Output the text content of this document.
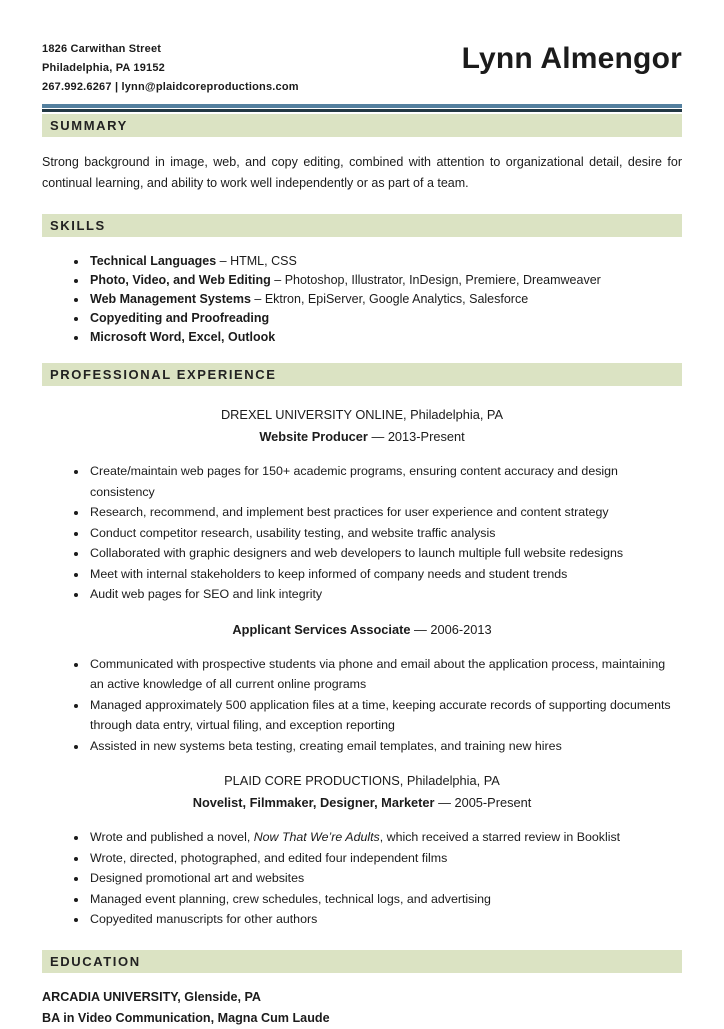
1826 Carwithan Street
Philadelphia, PA 19152
267.992.6267 | lynn@plaidcoreproductions.com
Lynn Almengor
SUMMARY
Strong background in image, web, and copy editing, combined with attention to organizational detail, desire for continual learning, and ability to work well independently or as part of a team.
SKILLS
• Technical Languages – HTML, CSS
• Photo, Video, and Web Editing – Photoshop, Illustrator, InDesign, Premiere, Dreamweaver
• Web Management Systems – Ektron, EpiServer, Google Analytics, Salesforce
• Copyediting and Proofreading
• Microsoft Word, Excel, Outlook
PROFESSIONAL EXPERIENCE
DREXEL UNIVERSITY ONLINE, Philadelphia, PA
Website Producer — 2013-Present
• Create/maintain web pages for 150+ academic programs, ensuring content accuracy and design consistency
• Research, recommend, and implement best practices for user experience and content strategy
• Conduct competitor research, usability testing, and website traffic analysis
• Collaborated with graphic designers and web developers to launch multiple full website redesigns
• Meet with internal stakeholders to keep informed of company needs and student trends
• Audit web pages for SEO and link integrity
Applicant Services Associate — 2006-2013
• Communicated with prospective students via phone and email about the application process, maintaining an active knowledge of all current online programs
• Managed approximately 500 application files at a time, keeping accurate records of supporting documents through data entry, virtual filing, and exception reporting
• Assisted in new systems beta testing, creating email templates, and training new hires
PLAID CORE PRODUCTIONS, Philadelphia, PA
Novelist, Filmmaker, Designer, Marketer — 2005-Present
• Wrote and published a novel, Now That We’re Adults, which received a starred review in Booklist
• Wrote, directed, photographed, and edited four independent films
• Designed promotional art and websites
• Managed event planning, crew schedules, technical logs, and advertising
• Copyedited manuscripts for other authors
EDUCATION
ARCADIA UNIVERSITY, Glenside, PA
BA in Video Communication, Magna Cum Laude
